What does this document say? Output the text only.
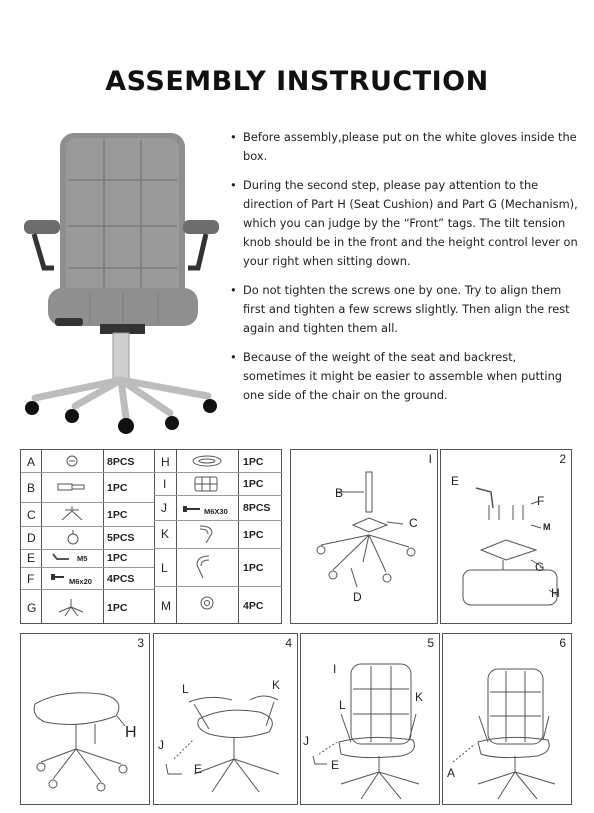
ASSEMBLY INSTRUCTION
• Before assembly,please put on the white gloves inside the box.
• During the second step, please pay attention to the direction of Part H (Seat Cushion) and Part G (Mechanism), which you can judge by the “Front” tags. The tilt tension knob should be in the front and the height control lever on your right when sitting down.
• Do not tighten the screws one by one. Try to align them first and tighten a few screws slightly. Then align the rest again and tighten them all.
• Because of the weight of the seat and backrest, sometimes it might be easier to assemble when putting one side of the chair on the ground.
A	8PCS
B	1PC
C	1PC
D	5PCS
E	M5 1PC
F	M6x20 4PCS
G	1PC
H	1PC
I	1PC
J	M6X30 8PCS
K	1PC
L	1PC
M	4PC
I
B
C
D
2
E
F
M
G
H
3
H
4
L	K
J
E
5
I
L
K
J
E
6
A
